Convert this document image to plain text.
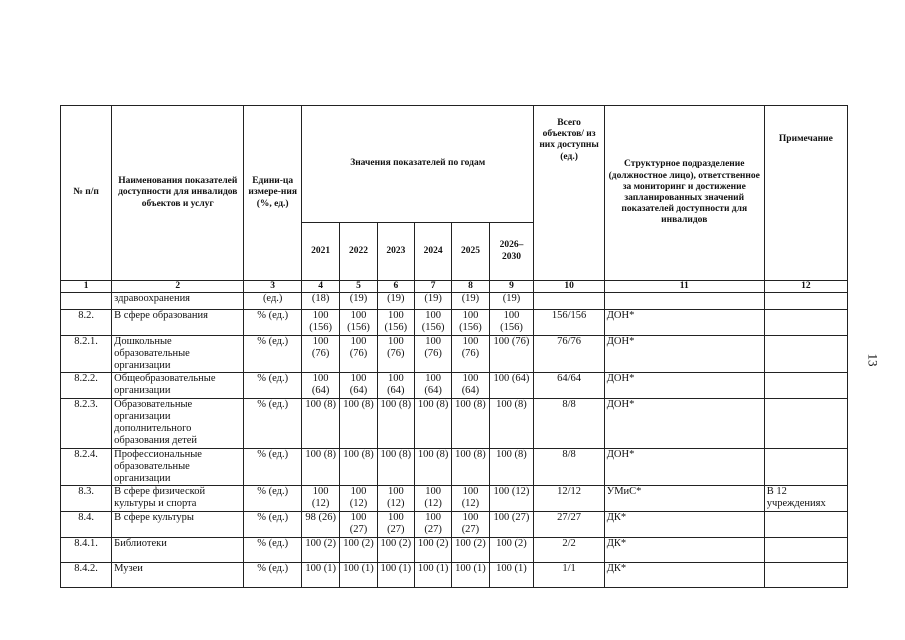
13
№ п/п	Наименования показателей доступности для инвалидов объектов и услуг	Едини-ца измере-ния (%, ед.)	Значения показателей по годам						Всего объектов/ из них доступны (ед.)	Структурное подразделение (должностное лицо), ответственное за мониторинг и достижение запланированных значений показателей доступности для инвалидов	Примечание
			2021	2022	2023	2024	2025	2026–2030			
1	2	3	4	5	6	7	8	9	10	11	12
	здравоохранения	(ед.)	(18)	(19)	(19)	(19)	(19)	(19)			
8.2.	В сфере образования	% (ед.)	100 (156)	100 (156)	100 (156)	100 (156)	100 (156)	100 (156)	156/156	ДОН*	
8.2.1.	Дошкольные образовательные организации	% (ед.)	100 (76)	100 (76)	100 (76)	100 (76)	100 (76)	100 (76)	76/76	ДОН*	
8.2.2.	Общеобразовательные организации	% (ед.)	100 (64)	100 (64)	100 (64)	100 (64)	100 (64)	100 (64)	64/64	ДОН*	
8.2.3.	Образовательные организации дополнительного образования детей	% (ед.)	100 (8)	100 (8)	100 (8)	100 (8)	100 (8)	100 (8)	8/8	ДОН*	
8.2.4.	Профессиональные образовательные организации	% (ед.)	100 (8)	100 (8)	100 (8)	100 (8)	100 (8)	100 (8)	8/8	ДОН*	
8.3.	В сфере физической культуры и спорта	% (ед.)	100 (12)	100 (12)	100 (12)	100 (12)	100 (12)	100 (12)	12/12	УМиС*	В 12 учреждениях
8.4.	В сфере культуры	% (ед.)	98 (26)	100 (27)	100 (27)	100 (27)	100 (27)	100 (27)	27/27	ДК*	
8.4.1.	Библиотеки	% (ед.)	100 (2)	100 (2)	100 (2)	100 (2)	100 (2)	100 (2)	2/2	ДК*	
8.4.2.	Музеи	% (ед.)	100 (1)	100 (1)	100 (1)	100 (1)	100 (1)	100 (1)	1/1	ДК*	
